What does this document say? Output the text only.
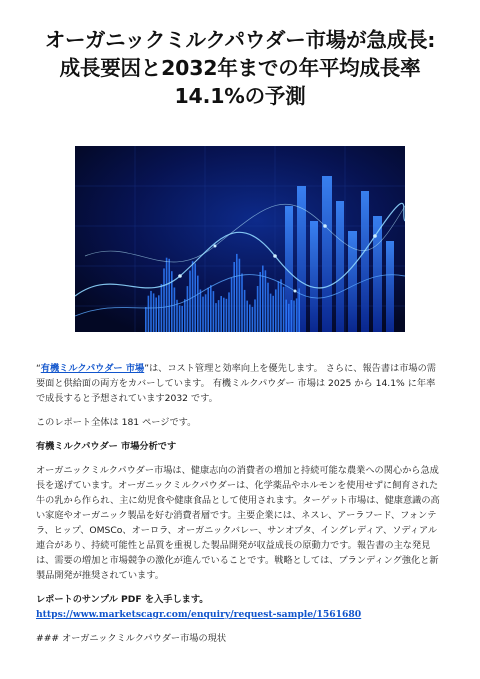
オーガニックミルクパウダー市場が急成長: 成長要因と2032年までの年平均成長率14.1%の予測

“有機ミルクパウダー 市場”は、コスト管理と効率向上を優先します。 さらに、報告書は市場の需要面と供給面の両方をカバーしています。 有機ミルクパウダー 市場は 2025 から 14.1% に年率で成長すると予想されています2032 です。

このレポート全体は 181 ページです。

有機ミルクパウダー 市場分析です

オーガニックミルクパウダー市場は、健康志向の消費者の増加と持続可能な農業への関心から急成長を遂げています。オーガニックミルクパウダーは、化学薬品やホルモンを使用せずに飼育された牛の乳から作られ、主に幼児食や健康食品として使用されます。ターゲット市場は、健康意識の高い家庭やオーガニック製品を好む消費者層です。主要企業には、ネスレ、アーラフード、フォンテラ、ヒップ、OMSCo、オーロラ、オーガニックバレー、サンオプタ、イングレディア、ソディアル連合があり、持続可能性と品質を重視した製品開発が収益成長の原動力です。報告書の主な発見は、需要の増加と市場競争の激化が進んでいることです。戦略としては、ブランディング強化と新製品開発が推奨されています。

レポートのサンプル PDF を入手します。 https://www.marketscagr.com/enquiry/request-sample/1561680

### オーガニックミルクパウダー市場の現状
